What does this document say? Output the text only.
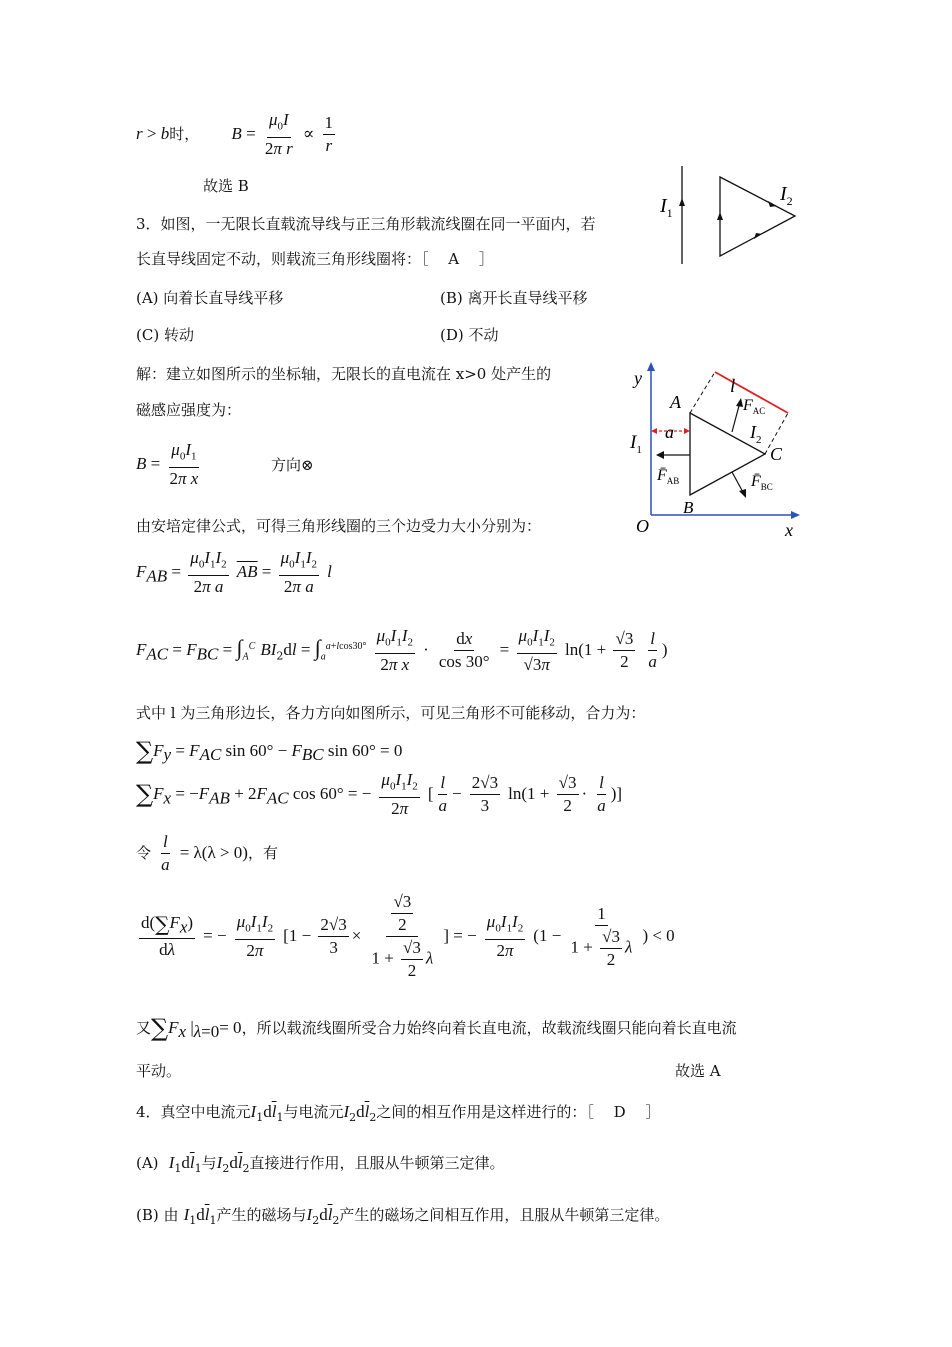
r > b时， $B = \frac{\mu_0I}{\text{2π r}} \propto \frac{1}{r}$
故选 B
$I_1$
$I_2$
3．如图，一无限长直载流导线与正三角形载流线圈在同一平面内，若
长直导线固定不动，则载流三角形线圈将：［　 A　 ］
(A) 向着长直导线平移	(B) 离开长直导线平移
(C) 转动	(D) 不动
解：建立如图所示的坐标轴，无限长的直电流在 x>0 处产生的
磁感应强度为：
y
x
O
$I_1$
a
A
B
C
l
$F_{AC}$
$I_2$
$F̄_{AB}$	$F̄_{BC}$
$B = \frac{\mu_0I_1}{\text{2π x}}$	方向⊗
由安培定律公式，可得三角形线圈的三个边受力大小分别为：
$F_{AB} = \frac{\mu_0I_1I_2}{\text{2π a}} \overline{AB} = \frac{\mu_0I_1I_2}{\text{2π a}}$ l
$F_{AC} = F_{BC} = \int_A^C$ $BI_2dl = \int_a^{a+lcos30^\circ} \frac{\mu_0I_1I_2}{\text{2π x}} \cdot \frac{dx}{\cos 30^\circ} = \frac{\mu_0I_1I_2}{√3\pi} \ln(1 + \frac{√3}{2}$
$\frac{l}{a}$ )
式中 l 为三角形边长，各力方向如图所示，可见三角形不可能移动，合力为：
$\sum F_y = F_{AC}$ $\sin 60^\circ - F_{BC}$ sin 60° = 0
$\sum F_x = -F_{AB} + 2F_{AC}$ cos 60° = − $\frac{\mu_0I_1I_2}{2\pi}$ [ $\frac{l}{a} - \frac{2√3}{3} \ln(1 + \frac{√3}{2} \cdot \frac{l}{a}$ )]
令 $\frac{l}{a} = \lambda(\lambda > 0)$，有
$\frac{d(\sum F_x)}{d\lambda}$ = − $\frac{\mu_0I_1I_2}{2\pi} [1 - \frac{2√3}{3} \times \frac{\frac{√3}{2}}{1 + \frac{√3}{2} \lambda}$ ] = − $\frac{\mu_0I_1I_2}{2\pi} (1 - \frac{1}{1 + \frac{√3}{2} \lambda}$ ) < 0
又$\sum F_x$ $|_{\lambda=0}= 0$，所以载流线圈所受合力始终向着长直电流，故载流线圈只能向着长直电流
平动。	故选 A
4．真空中电流元$I_1d\overline{l}_1$与电流元$I_2d\overline{l}_2$之间的相互作用是这样进行的：［　 D　 ］
(A) $I_1d\overline{l}_1$与$I_2d\overline{l}_2$直接进行作用，且服从牛顿第三定律。
(B) 由 $I_1d\overline{l}_1$产生的磁场与$I_2d\overline{l}_2$产生的磁场之间相互作用，且服从牛顿第三定律。
